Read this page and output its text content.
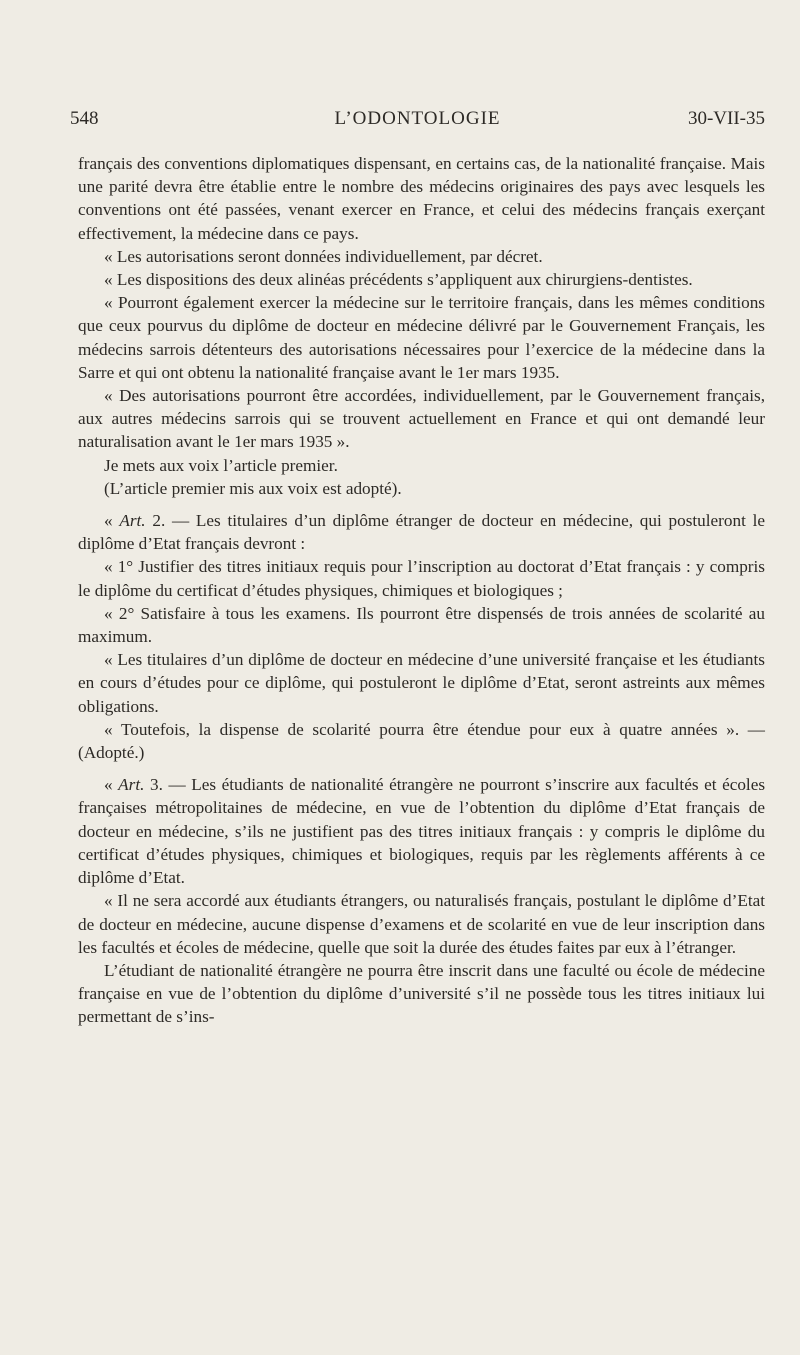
548	L’ODONTOLOGIE	30-VII-35

français des conventions diplomatiques dispensant, en certains cas, de la nationalité française. Mais une parité devra être établie entre le nombre des médecins originaires des pays avec lesquels les conventions ont été passées, venant exercer en France, et celui des médecins français exerçant effectivement, la médecine dans ce pays.

« Les autorisations seront données individuellement, par décret.

« Les dispositions des deux alinéas précédents s’appliquent aux chirurgiens-dentistes.

« Pourront également exercer la médecine sur le territoire français, dans les mêmes conditions que ceux pourvus du diplôme de docteur en médecine délivré par le Gouvernement Français, les médecins sarrois détenteurs des autorisations nécessaires pour l’exercice de la médecine dans la Sarre et qui ont obtenu la nationalité française avant le 1er mars 1935.

« Des autorisations pourront être accordées, individuellement, par le Gouvernement français, aux autres médecins sarrois qui se trouvent actuellement en France et qui ont demandé leur naturalisation avant le 1er mars 1935 ».

Je mets aux voix l’article premier.

(L’article premier mis aux voix est adopté).

« Art. 2. — Les titulaires d’un diplôme étranger de docteur en médecine, qui postuleront le diplôme d’Etat français devront :

« 1° Justifier des titres initiaux requis pour l’inscription au doctorat d’Etat français : y compris le diplôme du certificat d’études physiques, chimiques et biologiques ;

« 2° Satisfaire à tous les examens. Ils pourront être dispensés de trois années de scolarité au maximum.

« Les titulaires d’un diplôme de docteur en médecine d’une université française et les étudiants en cours d’études pour ce diplôme, qui postuleront le diplôme d’Etat, seront astreints aux mêmes obligations.

« Toutefois, la dispense de scolarité pourra être étendue pour eux à quatre années ». — (Adopté.)

« Art. 3. — Les étudiants de nationalité étrangère ne pourront s’inscrire aux facultés et écoles françaises métropolitaines de médecine, en vue de l’obtention du diplôme d’Etat français de docteur en médecine, s’ils ne justifient pas des titres initiaux français : y compris le diplôme du certificat d’études physiques, chimiques et biologiques, requis par les règlements afférents à ce diplôme d’Etat.

« Il ne sera accordé aux étudiants étrangers, ou naturalisés français, postulant le diplôme d’Etat de docteur en médecine, aucune dispense d’examens et de scolarité en vue de leur inscription dans les facultés et écoles de médecine, quelle que soit la durée des études faites par eux à l’étranger.

L’étudiant de nationalité étrangère ne pourra être inscrit dans une faculté ou école de médecine française en vue de l’obtention du diplôme d’université s’il ne possède tous les titres initiaux lui permettant de s’ins-
